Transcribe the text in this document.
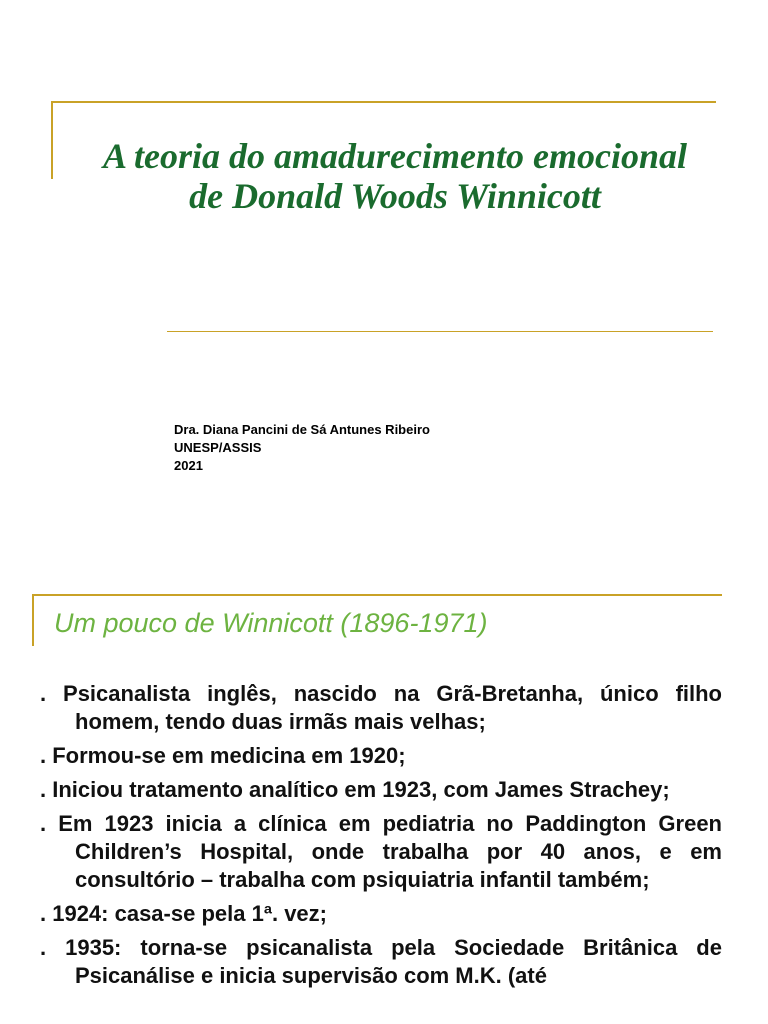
A teoria do amadurecimento emocional
de Donald Woods Winnicott
Dra. Diana Pancini de Sá Antunes Ribeiro
UNESP/ASSIS
2021
Um pouco de Winnicott (1896-1971)
. Psicanalista inglês, nascido na Grã-Bretanha, único filho homem, tendo duas irmãs mais velhas;
. Formou-se em medicina em 1920;
. Iniciou tratamento analítico em 1923, com James Strachey;
. Em 1923 inicia a clínica em pediatria no Paddington Green Children’s Hospital, onde trabalha por 40 anos, e em consultório – trabalha com psiquiatria infantil também;
. 1924: casa-se pela 1ª. vez;
. 1935: torna-se psicanalista pela Sociedade Britânica de Psicanálise e inicia supervisão com M.K. (até
